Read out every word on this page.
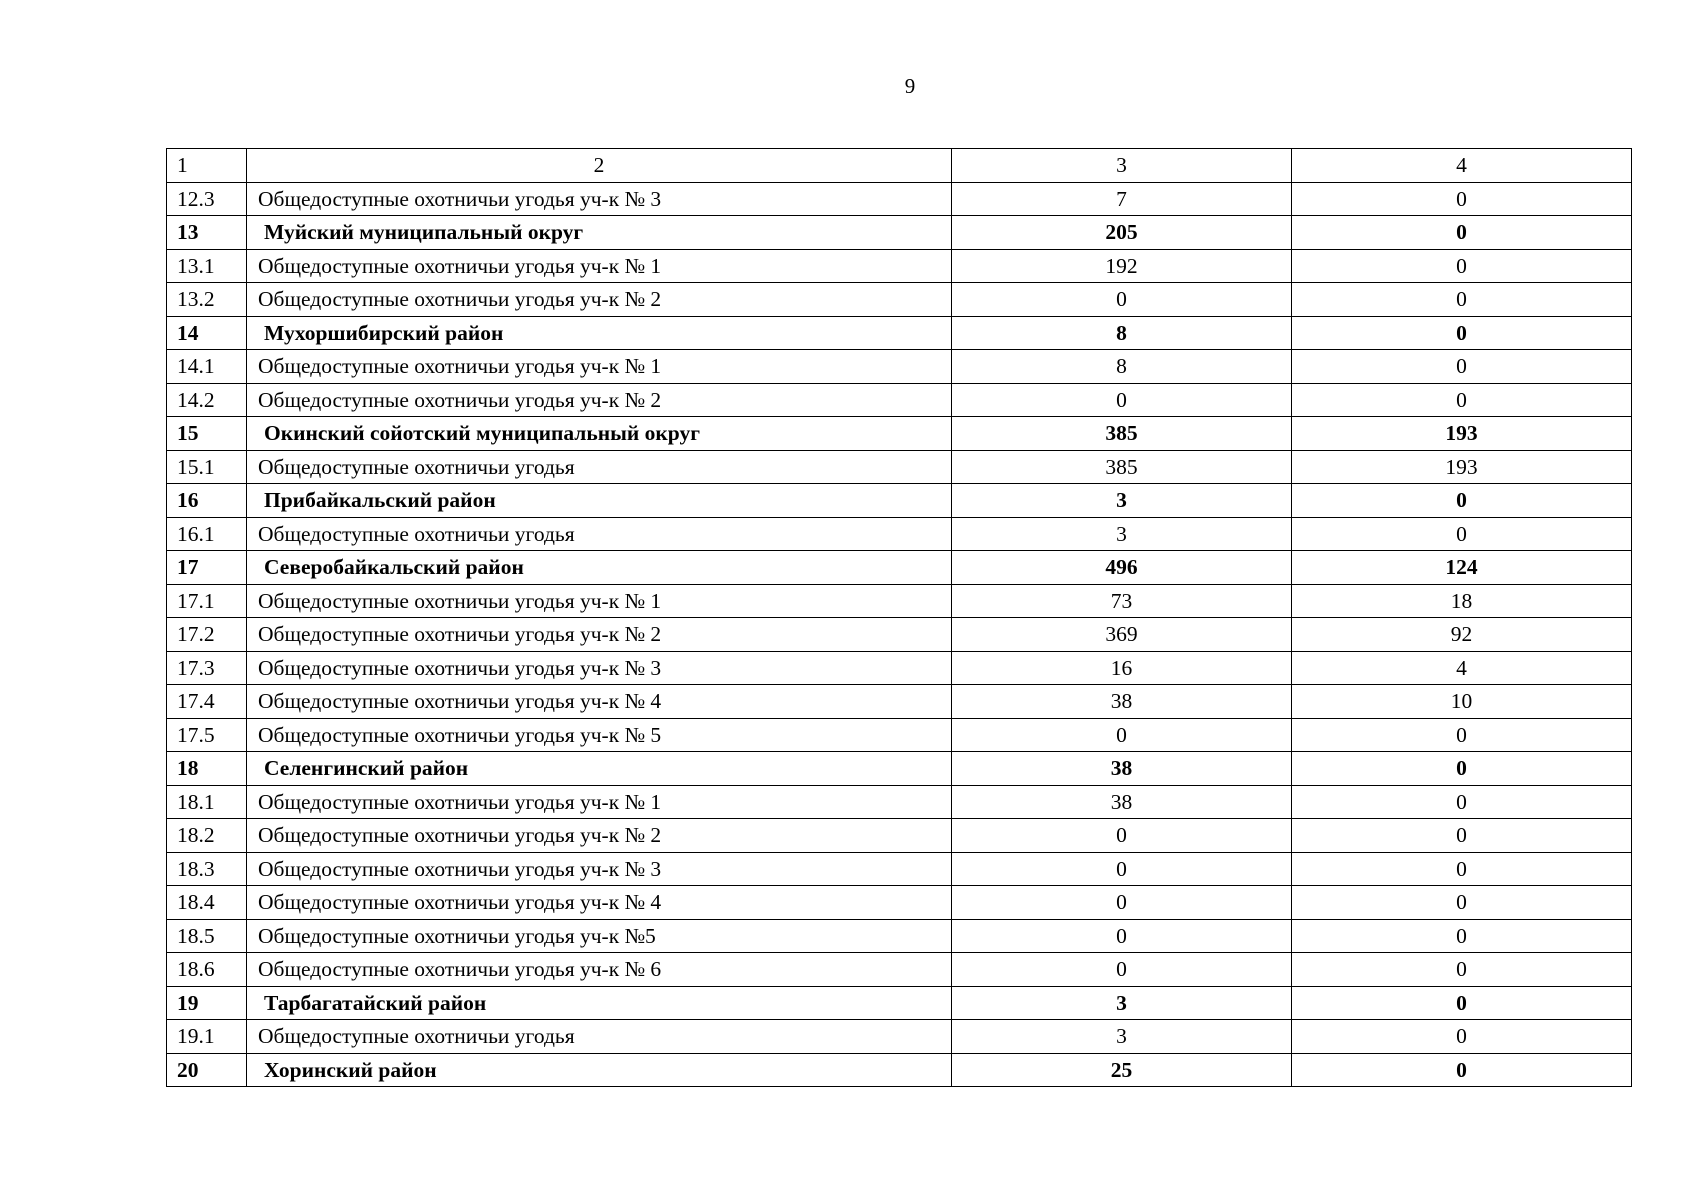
9
1	2	3	4
12.3	Общедоступные охотничьи угодья уч-к № 3	7	0
13	Муйский муниципальный округ	205	0
13.1	Общедоступные охотничьи угодья уч-к № 1	192	0
13.2	Общедоступные охотничьи угодья уч-к № 2	0	0
14	Мухоршибирский район	8	0
14.1	Общедоступные охотничьи угодья уч-к № 1	8	0
14.2	Общедоступные охотничьи угодья уч-к № 2	0	0
15	Окинский сойотский муниципальный округ	385	193
15.1	Общедоступные охотничьи угодья	385	193
16	Прибайкальский район	3	0
16.1	Общедоступные охотничьи угодья	3	0
17	Северобайкальский район	496	124
17.1	Общедоступные охотничьи угодья уч-к № 1	73	18
17.2	Общедоступные охотничьи угодья уч-к № 2	369	92
17.3	Общедоступные охотничьи угодья уч-к № 3	16	4
17.4	Общедоступные охотничьи угодья уч-к № 4	38	10
17.5	Общедоступные охотничьи угодья уч-к № 5	0	0
18	Селенгинский район	38	0
18.1	Общедоступные охотничьи угодья уч-к № 1	38	0
18.2	Общедоступные охотничьи угодья уч-к № 2	0	0
18.3	Общедоступные охотничьи угодья уч-к № 3	0	0
18.4	Общедоступные охотничьи угодья уч-к № 4	0	0
18.5	Общедоступные охотничьи угодья уч-к №5	0	0
18.6	Общедоступные охотничьи угодья уч-к № 6	0	0
19	Тарбагатайский район	3	0
19.1	Общедоступные охотничьи угодья	3	0
20	Хоринский район	25	0
